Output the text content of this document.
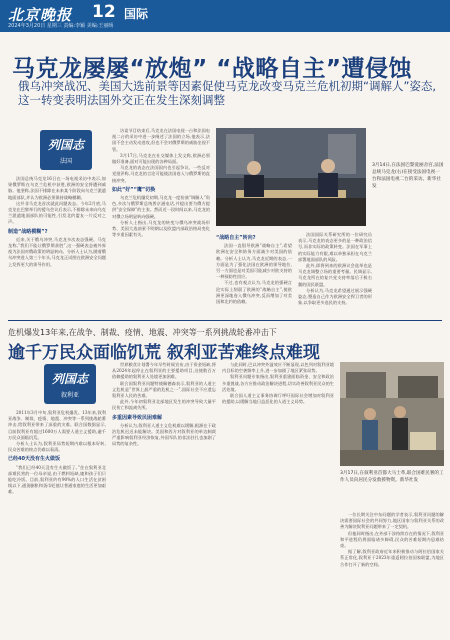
北京晚报 12 国际
2024年3月20日 星期三 责编:李颖 美编:王丽旸
马克龙屡屡“放炮” “战略自主”遭侵蚀
俄乌冲突战况、美国大选前景等因素促使马克龙改变马克兰危机初期“调解人”姿态,这一转变表明法国外交正在发生深刻调整
列国志
法国

法国总统马克龙16日在一场电视采访中表示,如果俄罗斯在乌克兰危机中获胜,欧洲的安全将遭到威胁。他坚称,法国不排除在未来某个阶段向乌克兰派遣地面部队,并认为欧洲必须保持战略模糊。

这并非马克龙首次就此问题表态。今年2月底,马克龙在巴黎举行的援乌会议后表示,不排除未来向乌克兰派遣地面部队的可能性,引发北约盟友一片反对之声。

制造“战略模糊”?

近来,关于俄乌冲突,马克龙多次表态强硬。马克龙称,“我们不能让俄罗斯获胜”,这一强硬表态被外界视为法国对俄政策的明显转向。分析人士认为,随着俄乌冲突进入第三个年头,马克龙正试图在欧洲安全问题上发挥更大的领导作用。

访谈节目结束后,马克龙在法国电视一台和法国电视二台的采访中进一步阐述了法国的立场,他表示,法国不会主动发动进攻,但也不会对俄罗斯的威胁坐视不管。

3月17日,马克龙在社交媒体上发文称,欧洲必须做好准备,面对可能出现的各种局面。

马克龙的表态在法国国内也引起争议。一些反对党批评称,马克龙的言论可能使法国卷入与俄罗斯的直接冲突。

如此“好”“鹰”切换

乌克兰危机爆发初期,马克龙一度扮演“调解人”角色,多次与俄罗斯总统普京通电话,并提出要为俄方提供“安全保障”的主张。然而近一段时间以来,马克龙的对俄立场明显转向强硬。

分析人士指出,马克龙的转变与俄乌冲突战场形势、美国大选前景不明朗以及欧盟内部政治格局变化等多重因素有关。

3月14日,在法国巴黎爱丽舍宫,法国总统马克龙(右)在接受法国电视一台和法国电视二台的采访。新华社发
“战略自主”转向?

法国一直倡导欧洲“战略自主”,希望欧洲在安全和防务方面减少对美国的依赖。分析人士认为,马克龙近期的表态,一方面是为了强化法国在欧洲的领导地位,另一方面也是对美国可能减少对欧支持的一种预防性回应。

不过,也有观点认为,马克龙的强硬言论实际上削弱了欧洲的“战略自主”,使欧洲更深地卷入俄乌冲突,反而增加了对美国和北约的依赖。

法国国际关系研究所的一位研究员表示,马克龙的表态更多的是一种政治信号,而非实际的政策转变。法国在军事上的实际能力有限,难以单独承担在乌克兰部署地面部队的风险。

此外,即将到来的欧洲议会选举也是马克龙调整立场的重要考量。民调显示,马克龙所在的复兴党支持率落后于极右翼的国民联盟。

分析认为,马克龙希望通过展示强硬姿态,塑造自己作为欧洲安全捍卫者的形象,以争取更多选民的支持。

危机爆发13年来,在战争、制裁、疫情、地震、冲突等一系列挑战轮番冲击下
逾千万民众面临饥荒 叙利亚苦难终点难现
列国志
叙利亚

2011年3月中旬,叙利亚危机爆发。13年来,叙利亚战争、制裁、疫情、地震、冲突等一系列挑战轮番冲击,给叙利亚带来了深重的灾难。联合国数据显示,目前叙利亚有超过1600万人需要人道主义援助,逾千万民众面临饥荒。

分析人士认为,叙利亚局势短期内难以根本好转,民众苦难的终点仍难以看清。

已经40天没有生火做饭

“我们已经40天没有生火做饭了。”住在叙利亚北部难民营的一位母亲说,由于燃料短缺,她和孩子们只能吃冷饭。目前,叙利亚约有90%的人口生活在贫困线以下,通货膨胀和货币贬值让普通家庭的生活更加艰难。

世界粮食计划署今年早些时候宣布,由于资金短缺,将从2024年起停止在叙利亚的主要援助项目,这使数百万依赖援助的叙利亚人处境更加困难。

联合国叙利亚问题特使佩德森表示,叙利亚的人道主义危机是“世界上最严重的危机之一”,国际社会不应遗忘叙利亚人民的苦难。

此外,今年初叙利亚北部地区发生的冲突导致大量平民伤亡和流离失所。

多重因素导致民困难解

分析认为,叙利亚人道主义危机难以缓解,根源在于政治危机迟迟未能解决。美国和西方对叙利亚的单边制裁严重影响叙利亚经济恢复,外国军队的非法驻扎也加剧了局势的复杂性。

与此同时,巴以冲突外溢效应不断显现,以色列对叙利亚境内目标的空袭频率上升,进一步加剧了地区紧张局势。

叙利亚问题专家指出,叙利亚重建面临资金、安全和政治多重挑战,各方应推动政治解决进程,切实改善叙利亚民众的生活处境。

联合国人道主义事务协调厅呼吁国际社会增加对叙利亚的援助,以缓解当地日益恶化的人道主义局势。

3月17日,在叙利亚首都大马士革,联合国难民署的工作人员向居民分发救援物资。新华社发

一位长期关注中东问题的学者表示,叙利亚问题的解决需要国际社会的共同努力,地区国家与叙利亚关系的改善为解决叙利亚问题带来了一定契机。

但他同时指出,在外部干涉持续存在的情况下,叙利亚和平进程仍将面临诸多障碍,民众的苦难短期内恐难结束。

据了解,叙利亚政府近年来积极推动与阿拉伯国家关系正常化,叙利亚于2023年重返阿拉伯国家联盟,为地区合作打开了新的空间。
